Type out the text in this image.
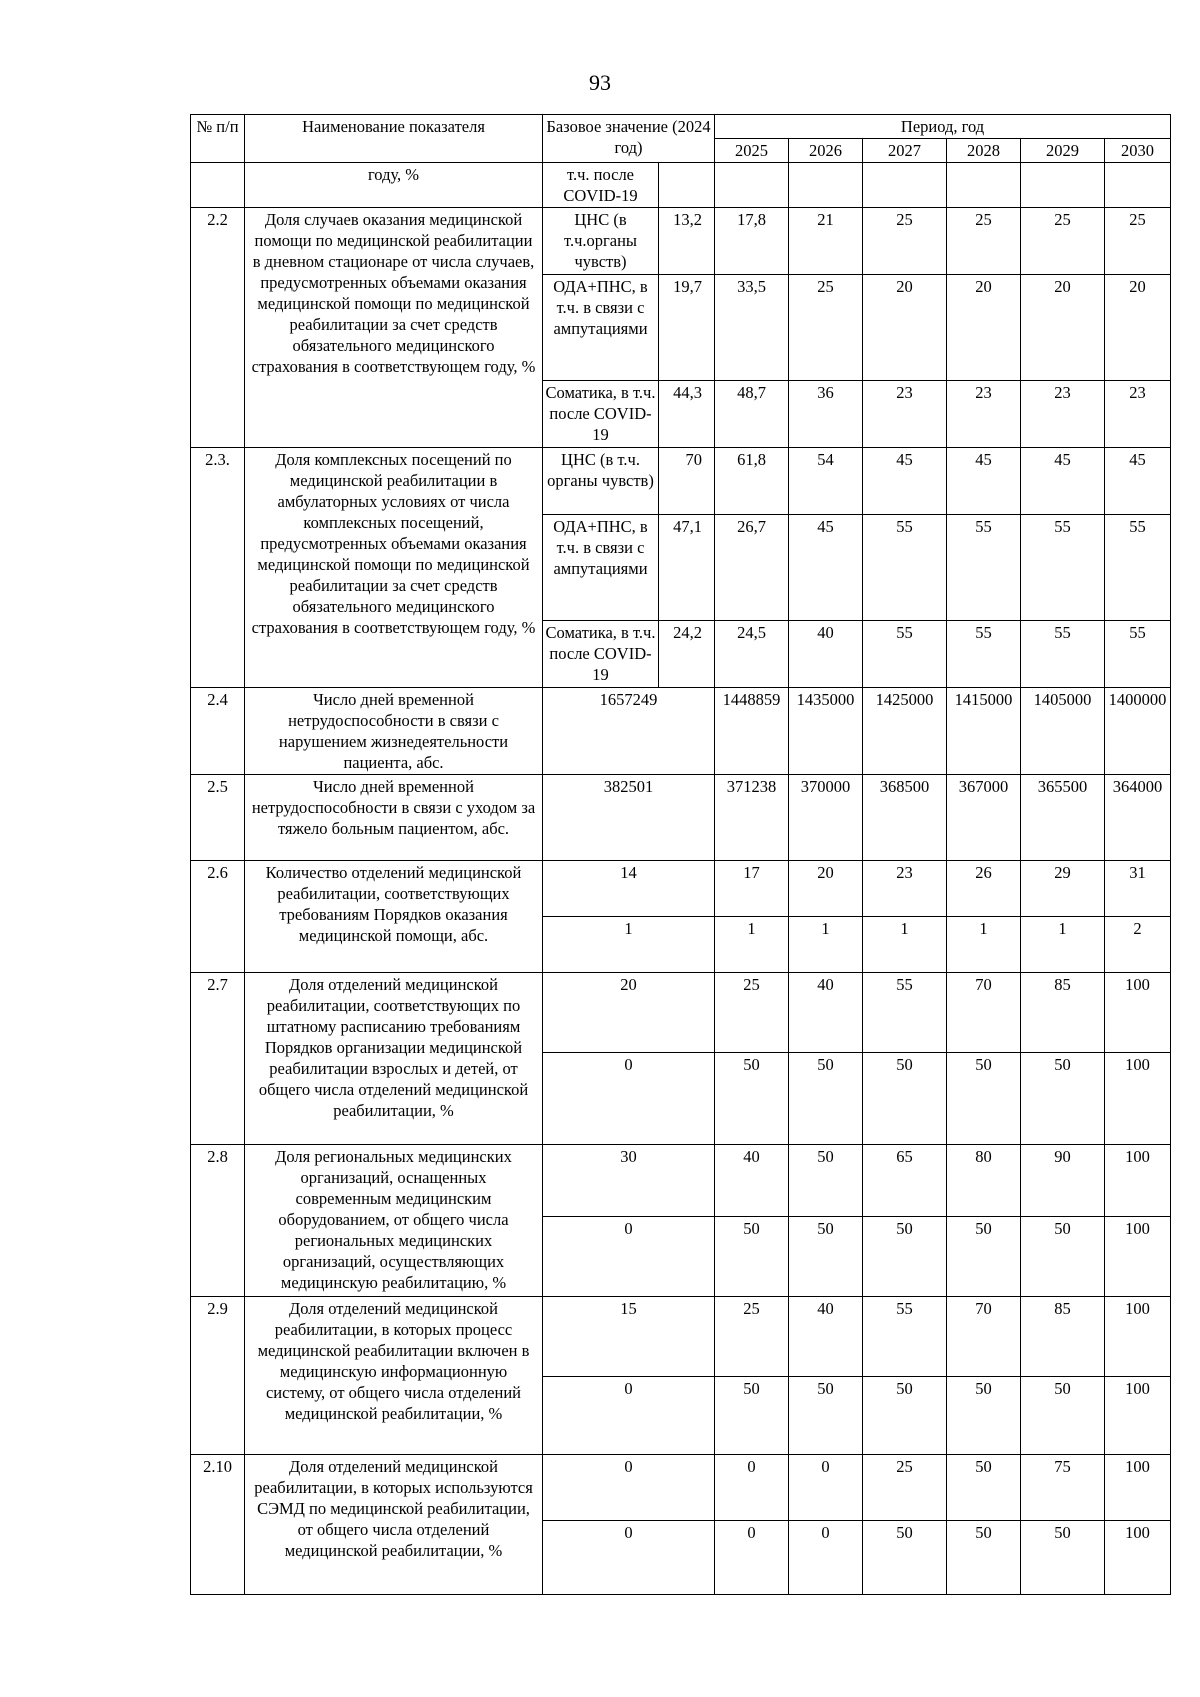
93
№ п/п	Наименование показателя	Базовое значение (2024 год)		Период, год					
				2025	2026	2027	2028	2029	2030
	году, %	т.ч. после COVID-19							
2.2	Доля случаев оказания медицинской помощи по медицинской реабилитации в дневном стационаре от числа случаев, предусмотренных объемами оказания медицинской помощи по медицинской реабилитации за счет средств обязательного медицинского страхования в соответствующем году, %	ЦНС (в т.ч.органы чувств)	13,2	17,8	21	25	25	25	25
		ОДА+ПНС, в т.ч. в связи с ампутациями	19,7	33,5	25	20	20	20	20
		Соматика, в т.ч. после COVID-19	44,3	48,7	36	23	23	23	23
2.3.	Доля комплексных посещений по медицинской реабилитации в амбулаторных условиях от числа комплексных посещений, предусмотренных объемами оказания медицинской помощи по медицинской реабилитации за счет средств обязательного медицинского страхования в соответствующем году, %	ЦНС (в т.ч. органы чувств)	70	61,8	54	45	45	45	45
		ОДА+ПНС, в т.ч. в связи с ампутациями	47,1	26,7	45	55	55	55	55
		Соматика, в т.ч. после COVID-19	24,2	24,5	40	55	55	55	55
2.4	Число дней временной нетрудоспособности в связи с нарушением жизнедеятельности пациента, абс.	1657249		1448859	1435000	1425000	1415000	1405000	1400000
2.5	Число дней временной нетрудоспособности в связи с уходом за тяжело больным пациентом, абс.	382501		371238	370000	368500	367000	365500	364000
2.6	Количество отделений медицинской реабилитации, соответствующих требованиям Порядков оказания медицинской помощи, абс.	14		17	20	23	26	29	31
		1		1	1	1	1	1	2
2.7	Доля отделений медицинской реабилитации, соответствующих по штатному расписанию требованиям Порядков организации медицинской реабилитации взрослых и детей, от общего числа отделений медицинской реабилитации, %	20		25	40	55	70	85	100
		0		50	50	50	50	50	100
2.8	Доля региональных медицинских организаций, оснащенных современным медицинским оборудованием, от общего числа региональных медицинских организаций, осуществляющих медицинскую реабилитацию, %	30		40	50	65	80	90	100
		0		50	50	50	50	50	100
2.9	Доля отделений медицинской реабилитации, в которых процесс медицинской реабилитации включен в медицинскую информационную систему, от общего числа отделений медицинской реабилитации, %	15		25	40	55	70	85	100
		0		50	50	50	50	50	100
2.10	Доля отделений медицинской реабилитации, в которых используются СЭМД по медицинской реабилитации, от общего числа отделений медицинской реабилитации, %	0		0	0	25	50	75	100
		0		0	0	50	50	50	100
